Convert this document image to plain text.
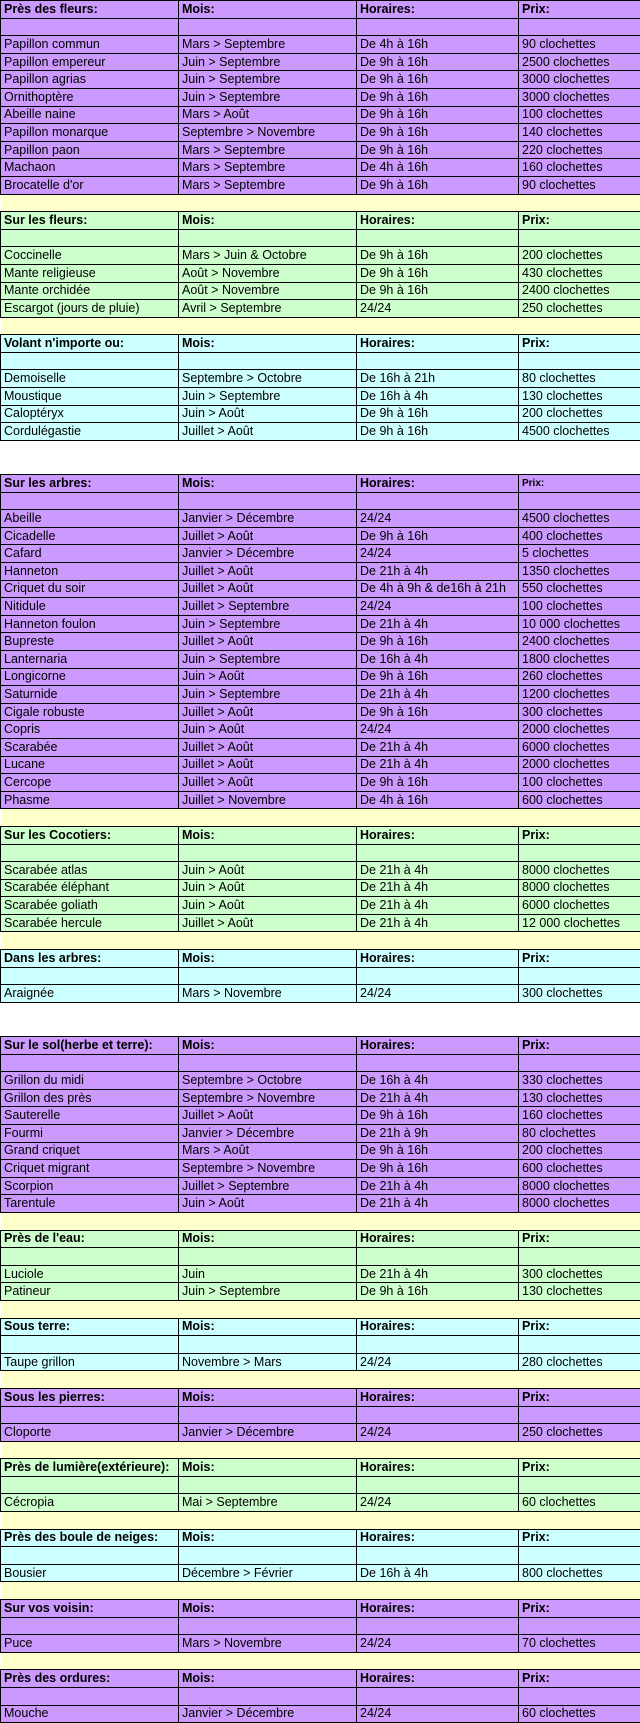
Près des fleurs:	Mois:	Horaires:	Prix:

Papillon commun	Mars > Septembre	De 4h à 16h	90 clochettes
Papillon empereur	Juin > Septembre	De 9h à 16h	2500 clochettes
Papillon agrias	Juin > Septembre	De 9h à 16h	3000 clochettes
Ornithoptère	Juin > Septembre	De 9h à 16h	3000 clochettes
Abeille naine	Mars > Août	De 9h à 16h	100 clochettes
Papillon monarque	Septembre > Novembre	De 9h à 16h	140 clochettes
Papillon paon	Mars > Septembre	De 9h à 16h	220 clochettes
Machaon	Mars > Septembre	De 4h à 16h	160 clochettes
Brocatelle d'or	Mars > Septembre	De 9h à 16h	90 clochettes

Sur les fleurs:	Mois:	Horaires:	Prix:

Coccinelle	Mars > Juin & Octobre	De 9h à 16h	200 clochettes
Mante religieuse	Août > Novembre	De 9h à 16h	430 clochettes
Mante orchidée	Août > Novembre	De 9h à 16h	2400 clochettes
Escargot (jours de pluie)	Avril > Septembre	24/24	250 clochettes

Volant n'importe ou:	Mois:	Horaires:	Prix:

Demoiselle	Septembre > Octobre	De 16h à 21h	80 clochettes
Moustique	Juin > Septembre	De 16h à 4h	130 clochettes
Caloptéryx	Juin > Août	De 9h à 16h	200 clochettes
Cordulégastie	Juillet > Août	De 9h à 16h	4500 clochettes

Sur les arbres:	Mois:	Horaires:	Prix:

Abeille	Janvier > Décembre	24/24	4500 clochettes
Cicadelle	Juillet > Août	De 9h à 16h	400 clochettes
Cafard	Janvier > Décembre	24/24	5 clochettes
Hanneton	Juillet > Août	De 21h à 4h	1350 clochettes
Criquet du soir	Juillet > Août	De 4h à 9h & de16h à 21h	550 clochettes
Nitidule	Juillet > Septembre	24/24	100 clochettes
Hanneton foulon	Juin > Septembre	De 21h à 4h	10 000 clochettes
Bupreste	Juillet > Août	De 9h à 16h	2400 clochettes
Lanternaria	Juin > Septembre	De 16h à 4h	1800 clochettes
Longicorne	Juin > Août	De 9h à 16h	260 clochettes
Saturnide	Juin > Septembre	De 21h à 4h	1200 clochettes
Cigale robuste	Juillet > Août	De 9h à 16h	300 clochettes
Copris	Juin > Août	24/24	2000 clochettes
Scarabée	Juillet > Août	De 21h à 4h	6000 clochettes
Lucane	Juillet > Août	De 21h à 4h	2000 clochettes
Cercope	Juillet > Août	De 9h à 16h	100 clochettes
Phasme	Juillet > Novembre	De 4h à 16h	600 clochettes

Sur les Cocotiers:	Mois:	Horaires:	Prix:

Scarabée atlas	Juin > Août	De 21h à 4h	8000 clochettes
Scarabée éléphant	Juin > Août	De 21h à 4h	8000 clochettes
Scarabée goliath	Juin > Août	De 21h à 4h	6000 clochettes
Scarabée hercule	Juillet > Août	De 21h à 4h	12 000 clochettes

Dans les arbres:	Mois:	Horaires:	Prix:

Araignée	Mars > Novembre	24/24	300 clochettes

Sur le sol(herbe et terre):	Mois:	Horaires:	Prix:

Grillon du midi	Septembre > Octobre	De 16h à 4h	330 clochettes
Grillon des près	Septembre > Novembre	De 21h à 4h	130 clochettes
Sauterelle	Juillet > Août	De 9h à 16h	160 clochettes
Fourmi	Janvier > Décembre	De 21h à 9h	80 clochettes
Grand criquet	Mars > Août	De 9h à 16h	200 clochettes
Criquet migrant	Septembre > Novembre	De 9h à 16h	600 clochettes
Scorpion	Juillet > Septembre	De 21h à 4h	8000 clochettes
Tarentule	Juin > Août	De 21h à 4h	8000 clochettes

Près de l'eau:	Mois:	Horaires:	Prix:

Luciole	Juin	De 21h à 4h	300 clochettes
Patineur	Juin > Septembre	De 9h à 16h	130 clochettes

Sous terre:	Mois:	Horaires:	Prix:

Taupe grillon	Novembre > Mars	24/24	280 clochettes

Sous les pierres:	Mois:	Horaires:	Prix:

Cloporte	Janvier > Décembre	24/24	250 clochettes

Près de lumière(extérieure):	Mois:	Horaires:	Prix:

Cécropia	Mai > Septembre	24/24	60 clochettes

Près des boule de neiges:	Mois:	Horaires:	Prix:

Bousier	Décembre > Février	De 16h à 4h	800 clochettes

Sur vos voisin:	Mois:	Horaires:	Prix:

Puce	Mars > Novembre	24/24	70 clochettes

Près des ordures:	Mois:	Horaires:	Prix:

Mouche	Janvier > Décembre	24/24	60 clochettes
